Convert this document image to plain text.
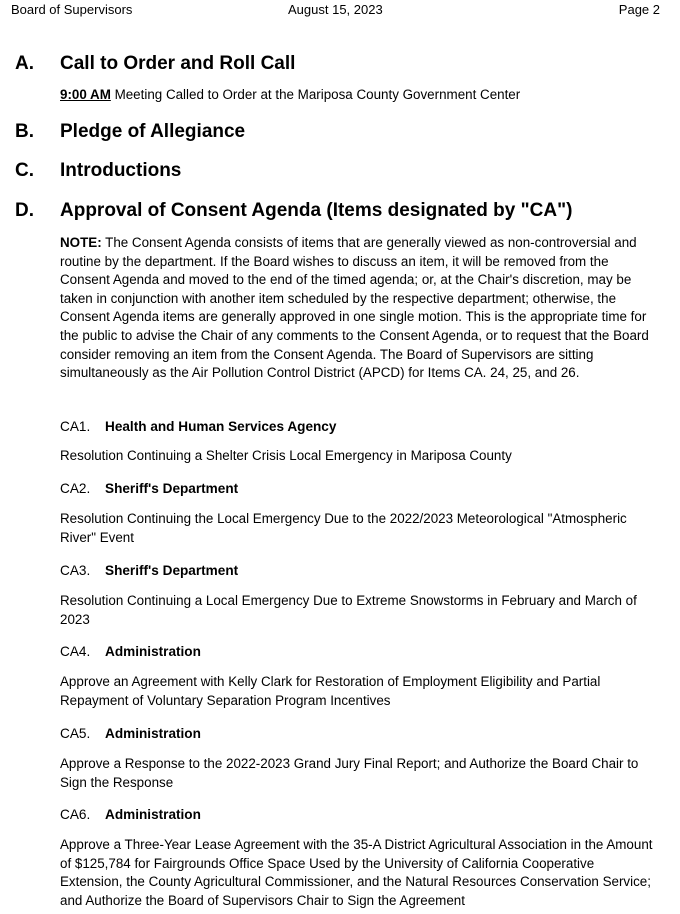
Board of Supervisors	August 15, 2023	Page 2
A. Call to Order and Roll Call
9:00 AM Meeting Called to Order at the Mariposa County Government Center
B. Pledge of Allegiance
C. Introductions
D. Approval of Consent Agenda (Items designated by "CA")
NOTE: The Consent Agenda consists of items that are generally viewed as non-controversial and routine by the department. If the Board wishes to discuss an item, it will be removed from the Consent Agenda and moved to the end of the timed agenda; or, at the Chair's discretion, may be taken in conjunction with another item scheduled by the respective department; otherwise, the Consent Agenda items are generally approved in one single motion. This is the appropriate time for the public to advise the Chair of any comments to the Consent Agenda, or to request that the Board consider removing an item from the Consent Agenda. The Board of Supervisors are sitting simultaneously as the Air Pollution Control District (APCD) for Items CA. 24, 25, and 26.
CA1. Health and Human Services Agency
Resolution Continuing a Shelter Crisis Local Emergency in Mariposa County
CA2. Sheriff's Department
Resolution Continuing the Local Emergency Due to the 2022/2023 Meteorological "Atmospheric River" Event
CA3. Sheriff's Department
Resolution Continuing a Local Emergency Due to Extreme Snowstorms in February and March of 2023
CA4. Administration
Approve an Agreement with Kelly Clark for Restoration of Employment Eligibility and Partial Repayment of Voluntary Separation Program Incentives
CA5. Administration
Approve a Response to the 2022-2023 Grand Jury Final Report; and Authorize the Board Chair to Sign the Response
CA6. Administration
Approve a Three-Year Lease Agreement with the 35-A District Agricultural Association in the Amount of $125,784 for Fairgrounds Office Space Used by the University of California Cooperative Extension, the County Agricultural Commissioner, and the Natural Resources Conservation Service; and Authorize the Board of Supervisors Chair to Sign the Agreement
